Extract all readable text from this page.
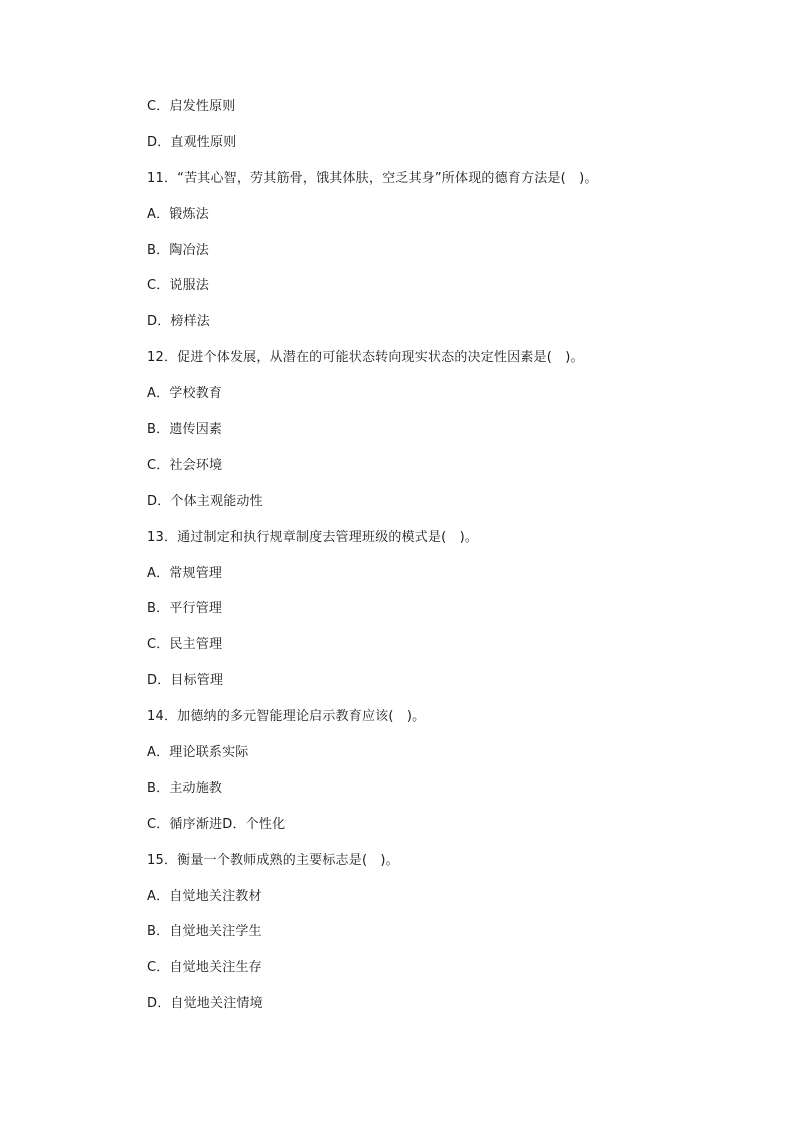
C．启发性原则
D．直观性原则
11．“苦其心智，劳其筋骨，饿其体肤，空乏其身”所体现的德育方法是(　)。
A．锻炼法
B．陶冶法
C．说服法
D．榜样法
12．促进个体发展，从潜在的可能状态转向现实状态的决定性因素是(　)。
A．学校教育
B．遗传因素
C．社会环境
D．个体主观能动性
13．通过制定和执行规章制度去管理班级的模式是(　)。
A．常规管理
B．平行管理
C．民主管理
D．目标管理
14．加德纳的多元智能理论启示教育应该(　)。
A．理论联系实际
B．主动施教
C．循序渐进D．个性化
15．衡量一个教师成熟的主要标志是(　)。
A．自觉地关注教材
B．自觉地关注学生
C．自觉地关注生存
D．自觉地关注情境
